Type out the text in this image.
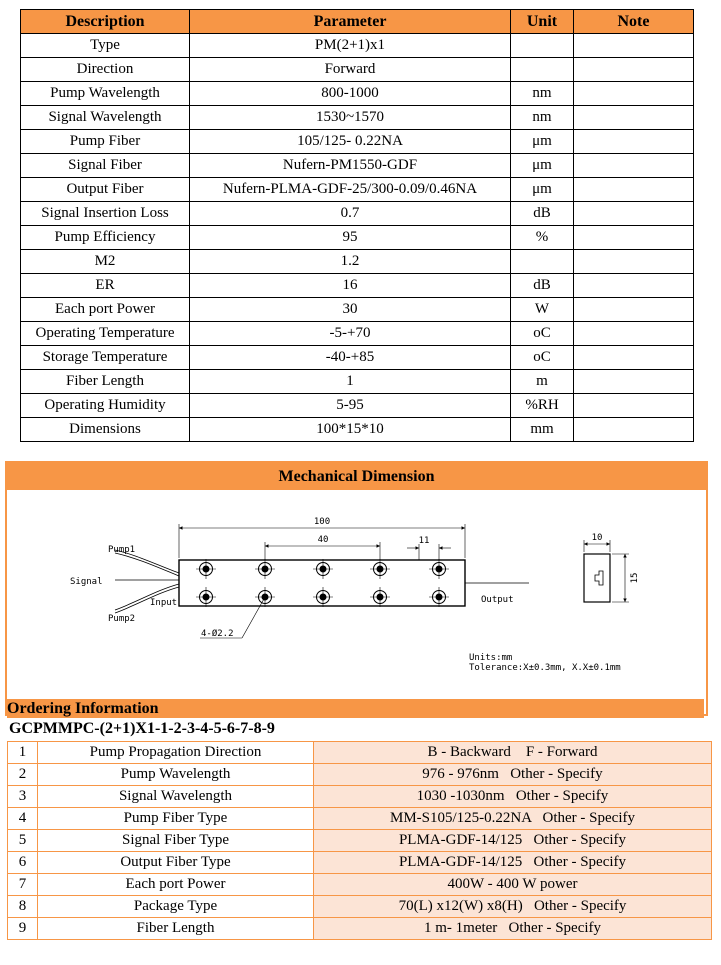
Description	Parameter	Unit	Note
Type	PM(2+1)x1		
Direction	Forward		
Pump Wavelength	800-1000	nm	
Signal Wavelength	1530~1570	nm	
Pump Fiber	105/125- 0.22NA	μm	
Signal Fiber	Nufern-PM1550-GDF	μm	
Output Fiber	Nufern-PLMA-GDF-25/300-0.09/0.46NA	μm	
Signal Insertion Loss	0.7	dB	
Pump Efficiency	95	%	
M2	1.2		
ER	16	dB	
Each port Power	30	W	
Operating Temperature	-5-+70	oC	
Storage Temperature	-40-+85	oC	
Fiber Length	1	m	
Operating Humidity	5-95	%RH	
Dimensions	100*15*10	mm	
Mechanical Dimension
100
40	11
4-Ø2.2
Pump1
Signal
Input
Pump2
Output
10
15
Units:mm
Tolerance:X±0.3mm, X.X±0.1mm
Ordering Information
GCPMMPC-(2+1)X1-1-2-3-4-5-6-7-8-9
1	Pump Propagation Direction	B - Backward    F - Forward
2	Pump Wavelength	976 - 976nm   Other - Specify
3	Signal Wavelength	1030 -1030nm   Other - Specify
4	Pump Fiber Type	MM-S105/125-0.22NA   Other - Specify
5	Signal Fiber Type	PLMA-GDF-14/125   Other - Specify
6	Output Fiber Type	PLMA-GDF-14/125   Other - Specify
7	Each port Power	400W - 400 W power
8	Package Type	70(L) x12(W) x8(H)   Other - Specify
9	Fiber Length	1 m- 1meter   Other - Specify
